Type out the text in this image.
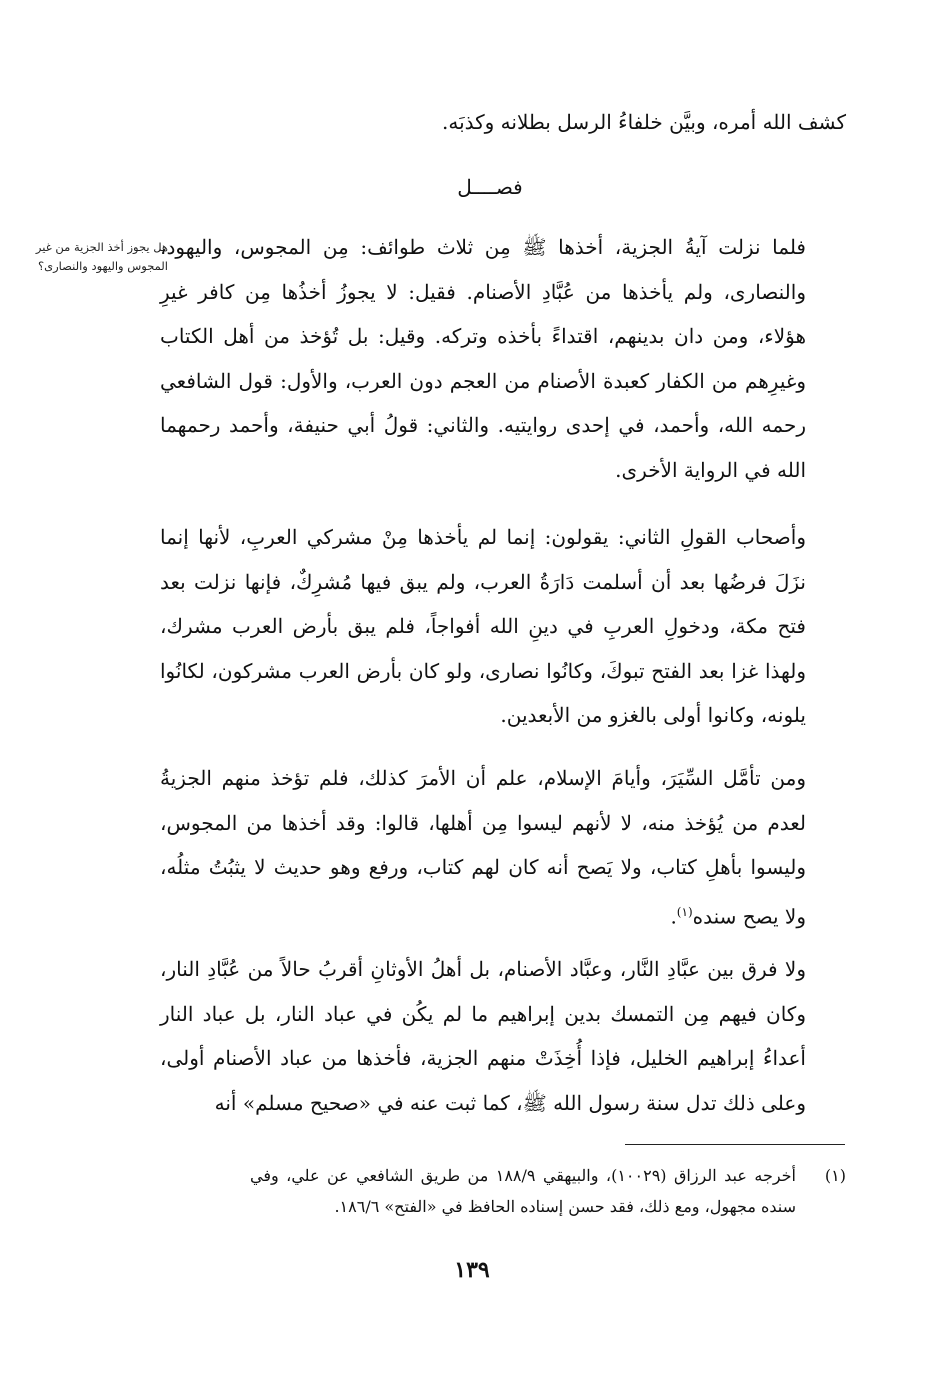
كشف الله أمره، وبيَّن خلفاءُ الرسل بطلانه وكذبَه.
فصــــل
هل يجوز أخذ الجزية من غير المجوس واليهود والنصارى؟

فلما نزلت آيةُ الجزية، أخذها ﷺ مِن ثلاث طوائف: مِن المجوس، واليهود، والنصارى، ولم يأخذها من عُبَّادِ الأصنام. فقيل: لا يجوزُ أخذُها مِن كافر غيرِ هؤلاء، ومن دان بدينهم، اقتداءً بأخذه وتركه. وقيل: بل تُؤخذ من أهل الكتاب وغيرِهم من الكفار كعبدة الأصنام من العجم دون العرب، والأول: قول الشافعي رحمه الله، وأحمد، في إحدى روايتيه. والثاني: قولُ أبي حنيفة، وأحمد رحمهما الله في الرواية الأخرى.

وأصحاب القولِ الثاني: يقولون: إنما لم يأخذها مِنْ مشركي العربِ، لأنها إنما نزَلَ فرضُها بعد أن أسلمت دَارَةُ العرب، ولم يبق فيها مُشرِكٌ، فإنها نزلت بعد فتح مكة، ودخولِ العربِ في دينِ الله أفواجاً، فلم يبق بأرض العرب مشرك، ولهذا غزا بعد الفتح تبوكَ، وكانُوا نصارى، ولو كان بأرض العرب مشركون، لكانُوا يلونه، وكانوا أولى بالغزو من الأبعدين.

ومن تأمَّل السِّيَرَ، وأيامَ الإسلام، علم أن الأمرَ كذلك، فلم تؤخذ منهم الجزيةُ لعدم من يُؤخذ منه، لا لأنهم ليسوا مِن أهلها، قالوا: وقد أخذها من المجوس، وليسوا بأهلِ كتاب، ولا يَصح أنه كان لهم كتاب، ورفع وهو حديث لا يثبُتُ مثلُه، ولا يصح سنده$^{(١)}$.

ولا فرق بين عبَّادِ النَّار، وعبَّاد الأصنام، بل أهلُ الأوثانِ أقربُ حالاً من عُبَّادِ النار، وكان فيهم مِن التمسك بدين إبراهيم ما لم يكُن في عباد النار، بل عباد النار أعداءُ إبراهيم الخليل، فإذا أُخِذَتْ منهم الجزية، فأخذها من عباد الأصنام أولى، وعلى ذلك تدل سنة رسول الله ﷺ، كما ثبت عنه في «صحيح مسلم» أنه

(١)
أخرجه عبد الرزاق (١٠٠٢٩)، والبيهقي ١٨٨/٩ من طريق الشافعي عن علي، وفي سنده مجهول، ومع ذلك، فقد حسن إسناده الحافظ في «الفتح» ١٨٦/٦.
١٣٩
